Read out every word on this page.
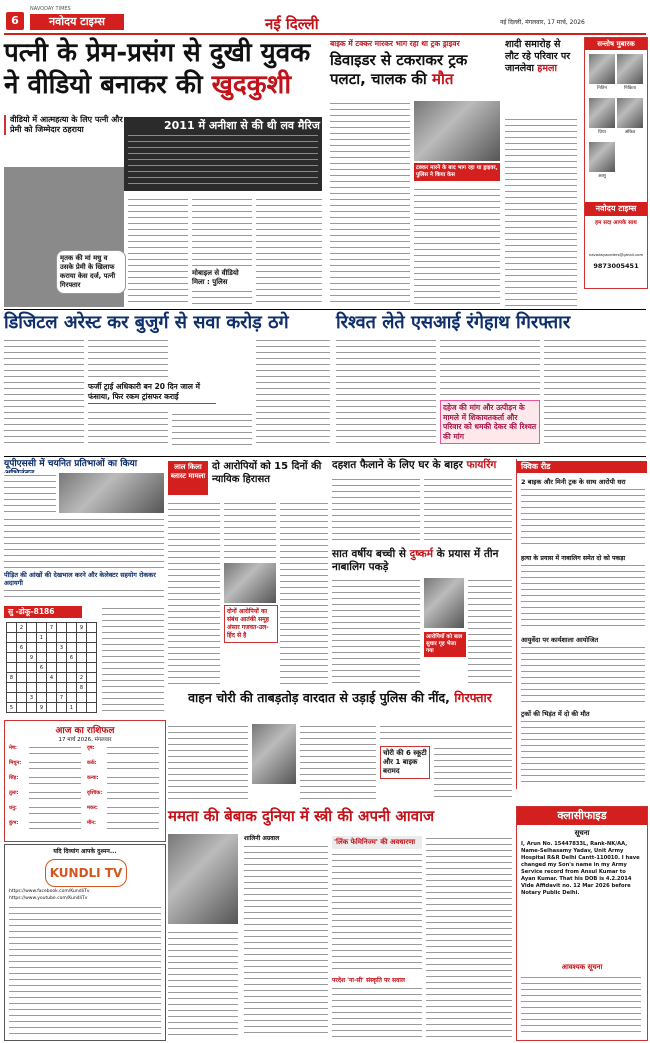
6
NAVODAY TIMES
नवोदय टाइम्स	नई दिल्ली	नई दिल्ली, मंगलवार, 17 मार्च, 2026
पत्नी के प्रेम-प्रसंग से दुखी युवक ने वीडियो बनाकर की खुदकुशी
वीडियो में आत्महत्या के लिए पत्नी और प्रेमी को जिम्मेदार ठहराया	2011 में अनीशा से की थी लव मैरिज
मृतक की मां मधु व उसके प्रेमी के खिलाफ कराया केस दर्ज, पत्नी गिरफ्तार
मोबाइल से वीडियो मिला : पुलिस
बाइक में टक्कर मारकर भाग रहा था ट्रक ड्राइवर
डिवाइडर से टकराकर ट्रक पलटा, चालक की मौत
टक्कर मारने के बाद भाग रहा था ड्राइवर, पुलिस ने किया केस
शादी समारोह से लौट रहे परिवार पर जानलेवा हमला
सन्तोष मुबारक
नितिन	निकिता
प्रिया	अंकित
आशु
नवोदय टाइम्स
हम सदा आपके साथ
navodayaorders@gmail.com
9873005451
डिजिटल अरेस्ट कर बुजुर्ग से सवा करोड़ ठगे
फर्जी ट्राई अधिकारी बन 20 दिन जाल में फंसाया, फिर रकम ट्रांसफर कराई
रिश्वत लेते एसआई रंगेहाथ गिरफ्तार
दहेज की मांग और उत्पीड़न के मामले में शिकायतकर्ता और परिवार को धमकी देकर की रिश्वत की मांग
यूपीएससी में चयनित प्रतिभाओं का किया	लाल किला ब्लास्ट मामला
दो आरोपियों को 15 दिनों की न्यायिक हिरासत
दोनों आरोपियों का संबंध आतंकी समूह अंसार गजवत-उल-हिंद से है
दहशत फैलाने के लिए घर के बाहर फायरिंग	क्विक रीड
2 बाइक और मिनी ट्रक के साथ आरोपी धरा
हत्या के प्रयास में नाबालिग समेत दो को पकड़ा
आयुर्वेदा पर कार्यशाला आयोजित
ट्रकों की भिड़ंत में दो की मौत
सात वर्षीय बच्ची से दुष्कर्म के प्रयास में तीन नाबालिग पकड़े
आरोपियों को बाल सुधार गृह भेजा गया
पीड़ित की आंखों की देखभाल करने और केलेक्टर सहयोग रोककर अदायगी
सु -डोकू-8186
	2			7			9	
			1					
	6				3			
		9				6		
			6					
8				4			2	
							8	
		3			7			
5			9			1		
आज का राशिफल
17 मार्च 2026, मंगलवार
मेष:	वृष:
मिथुन:	कर्क:
सिंह:	कन्या:
तुला:	वृश्चिक:
धनु:	मकर:
कुंभ:	मीन:
यदि दिव्यांग आपके दुश्मन...
KUNDLI TV
https://www.facebook.com/KundliTv
https://www.youtube.com/KundliTv
वाहन चोरी की ताबड़तोड़ वारदात से उड़ाई पुलिस की नींद, गिरफ्तार
चोरी की 6 स्कूटी और 1 बाइक बरामद
ममता की बेबाक दुनिया में स्त्री की अपनी आवाज
शालिनी अग्रवाल	'लिंक फेमिनिज्म' की अवधारणा
परदेश 'ना-सी' संस्कृति पर सवाल
क्लासीफाइड
सूचना
I, Arun No. 15447833L, Rank-NK/AA, Name-Selhasamy Yadav, Unit Army Hospital R&R Delhi Cantt-110010. I have changed my Son's name in my Army Service record from Ansul Kumar to Ayan Kumar. That his DOB is 4.2.2014 Vide Affidavit no. 12 Mar 2026 before Notary Public Delhi.
आवश्यक सूचना
